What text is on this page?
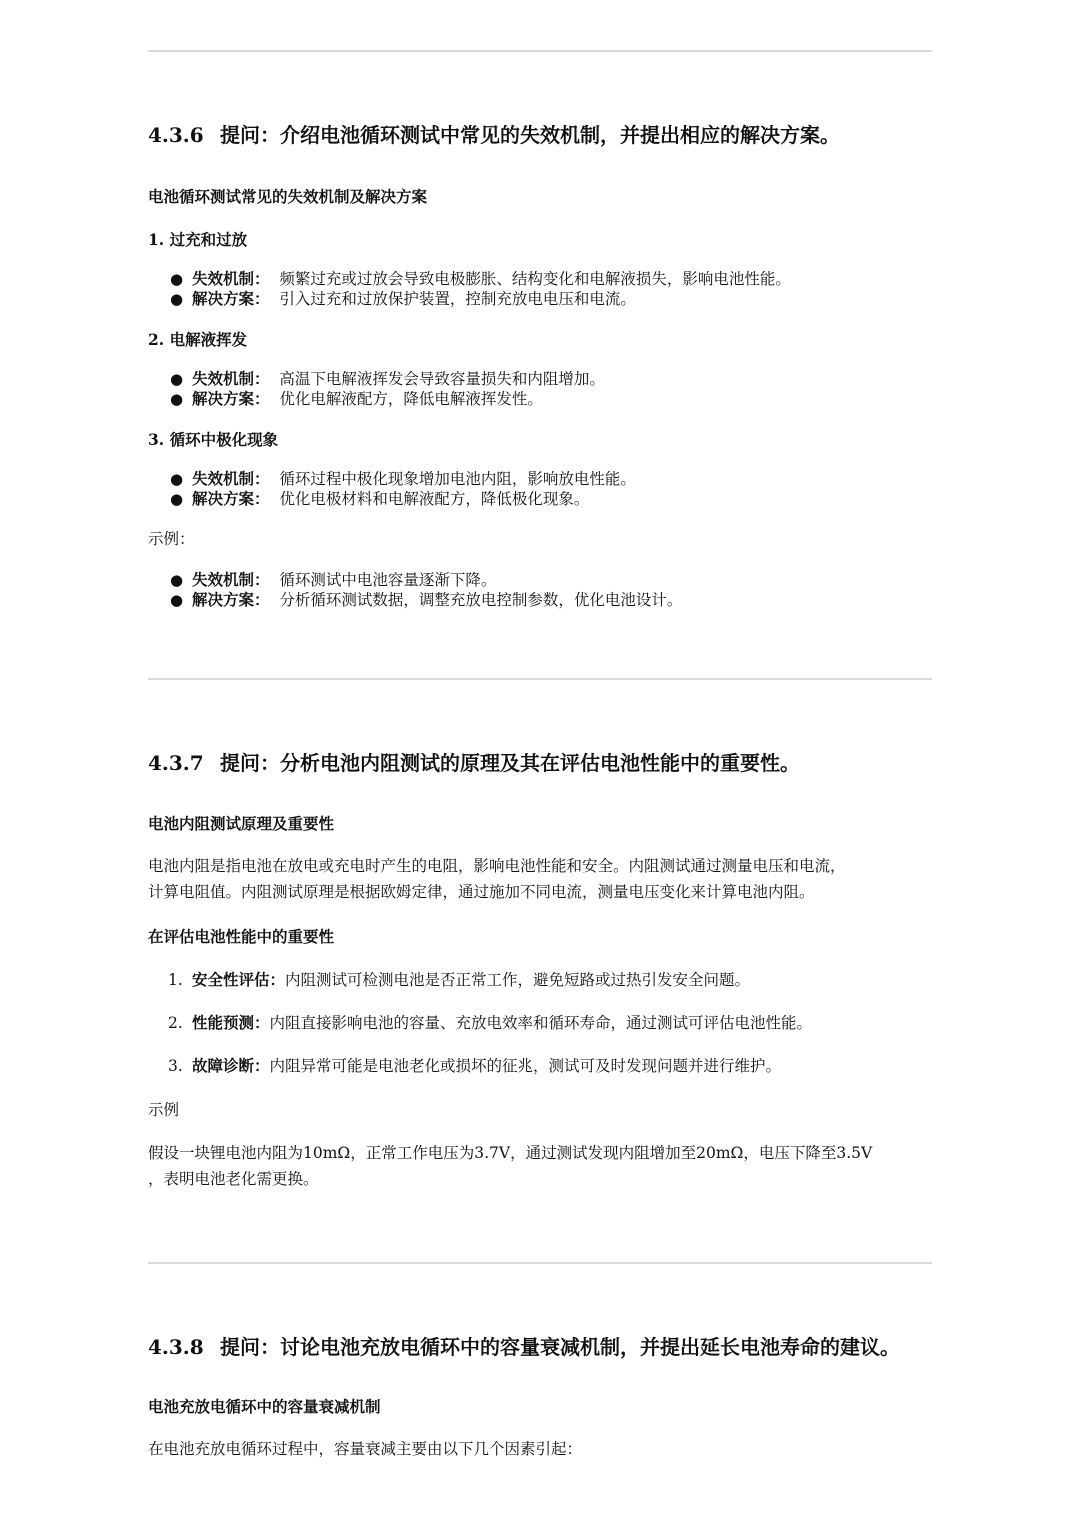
4.3.6 提问：介绍电池循环测试中常见的失效机制，并提出相应的解决方案。
电池循环测试常见的失效机制及解决方案
1. 过充和过放
● 失效机制： 频繁过充或过放会导致电极膨胀、结构变化和电解液损失，影响电池性能。
● 解决方案： 引入过充和过放保护装置，控制充放电电压和电流。
2. 电解液挥发
● 失效机制： 高温下电解液挥发会导致容量损失和内阻增加。
● 解决方案： 优化电解液配方，降低电解液挥发性。
3. 循环中极化现象
● 失效机制： 循环过程中极化现象增加电池内阻，影响放电性能。
● 解决方案： 优化电极材料和电解液配方，降低极化现象。
示例：
● 失效机制： 循环测试中电池容量逐渐下降。
● 解决方案： 分析循环测试数据，调整充放电控制参数，优化电池设计。
4.3.7 提问：分析电池内阻测试的原理及其在评估电池性能中的重要性。
电池内阻测试原理及重要性
电池内阻是指电池在放电或充电时产生的电阻，影响电池性能和安全。内阻测试通过测量电压和电流，
计算电阻值。内阻测试原理是根据欧姆定律，通过施加不同电流，测量电压变化来计算电池内阻。
在评估电池性能中的重要性
1. 安全性评估：内阻测试可检测电池是否正常工作，避免短路或过热引发安全问题。
2. 性能预测：内阻直接影响电池的容量、充放电效率和循环寿命，通过测试可评估电池性能。
3. 故障诊断：内阻异常可能是电池老化或损坏的征兆，测试可及时发现问题并进行维护。
示例
假设一块锂电池内阻为10mΩ，正常工作电压为3.7V，通过测试发现内阻增加至20mΩ，电压下降至3.5V
，表明电池老化需更换。
4.3.8 提问：讨论电池充放电循环中的容量衰减机制，并提出延长电池寿命的建议。
电池充放电循环中的容量衰减机制
在电池充放电循环过程中，容量衰减主要由以下几个因素引起：
